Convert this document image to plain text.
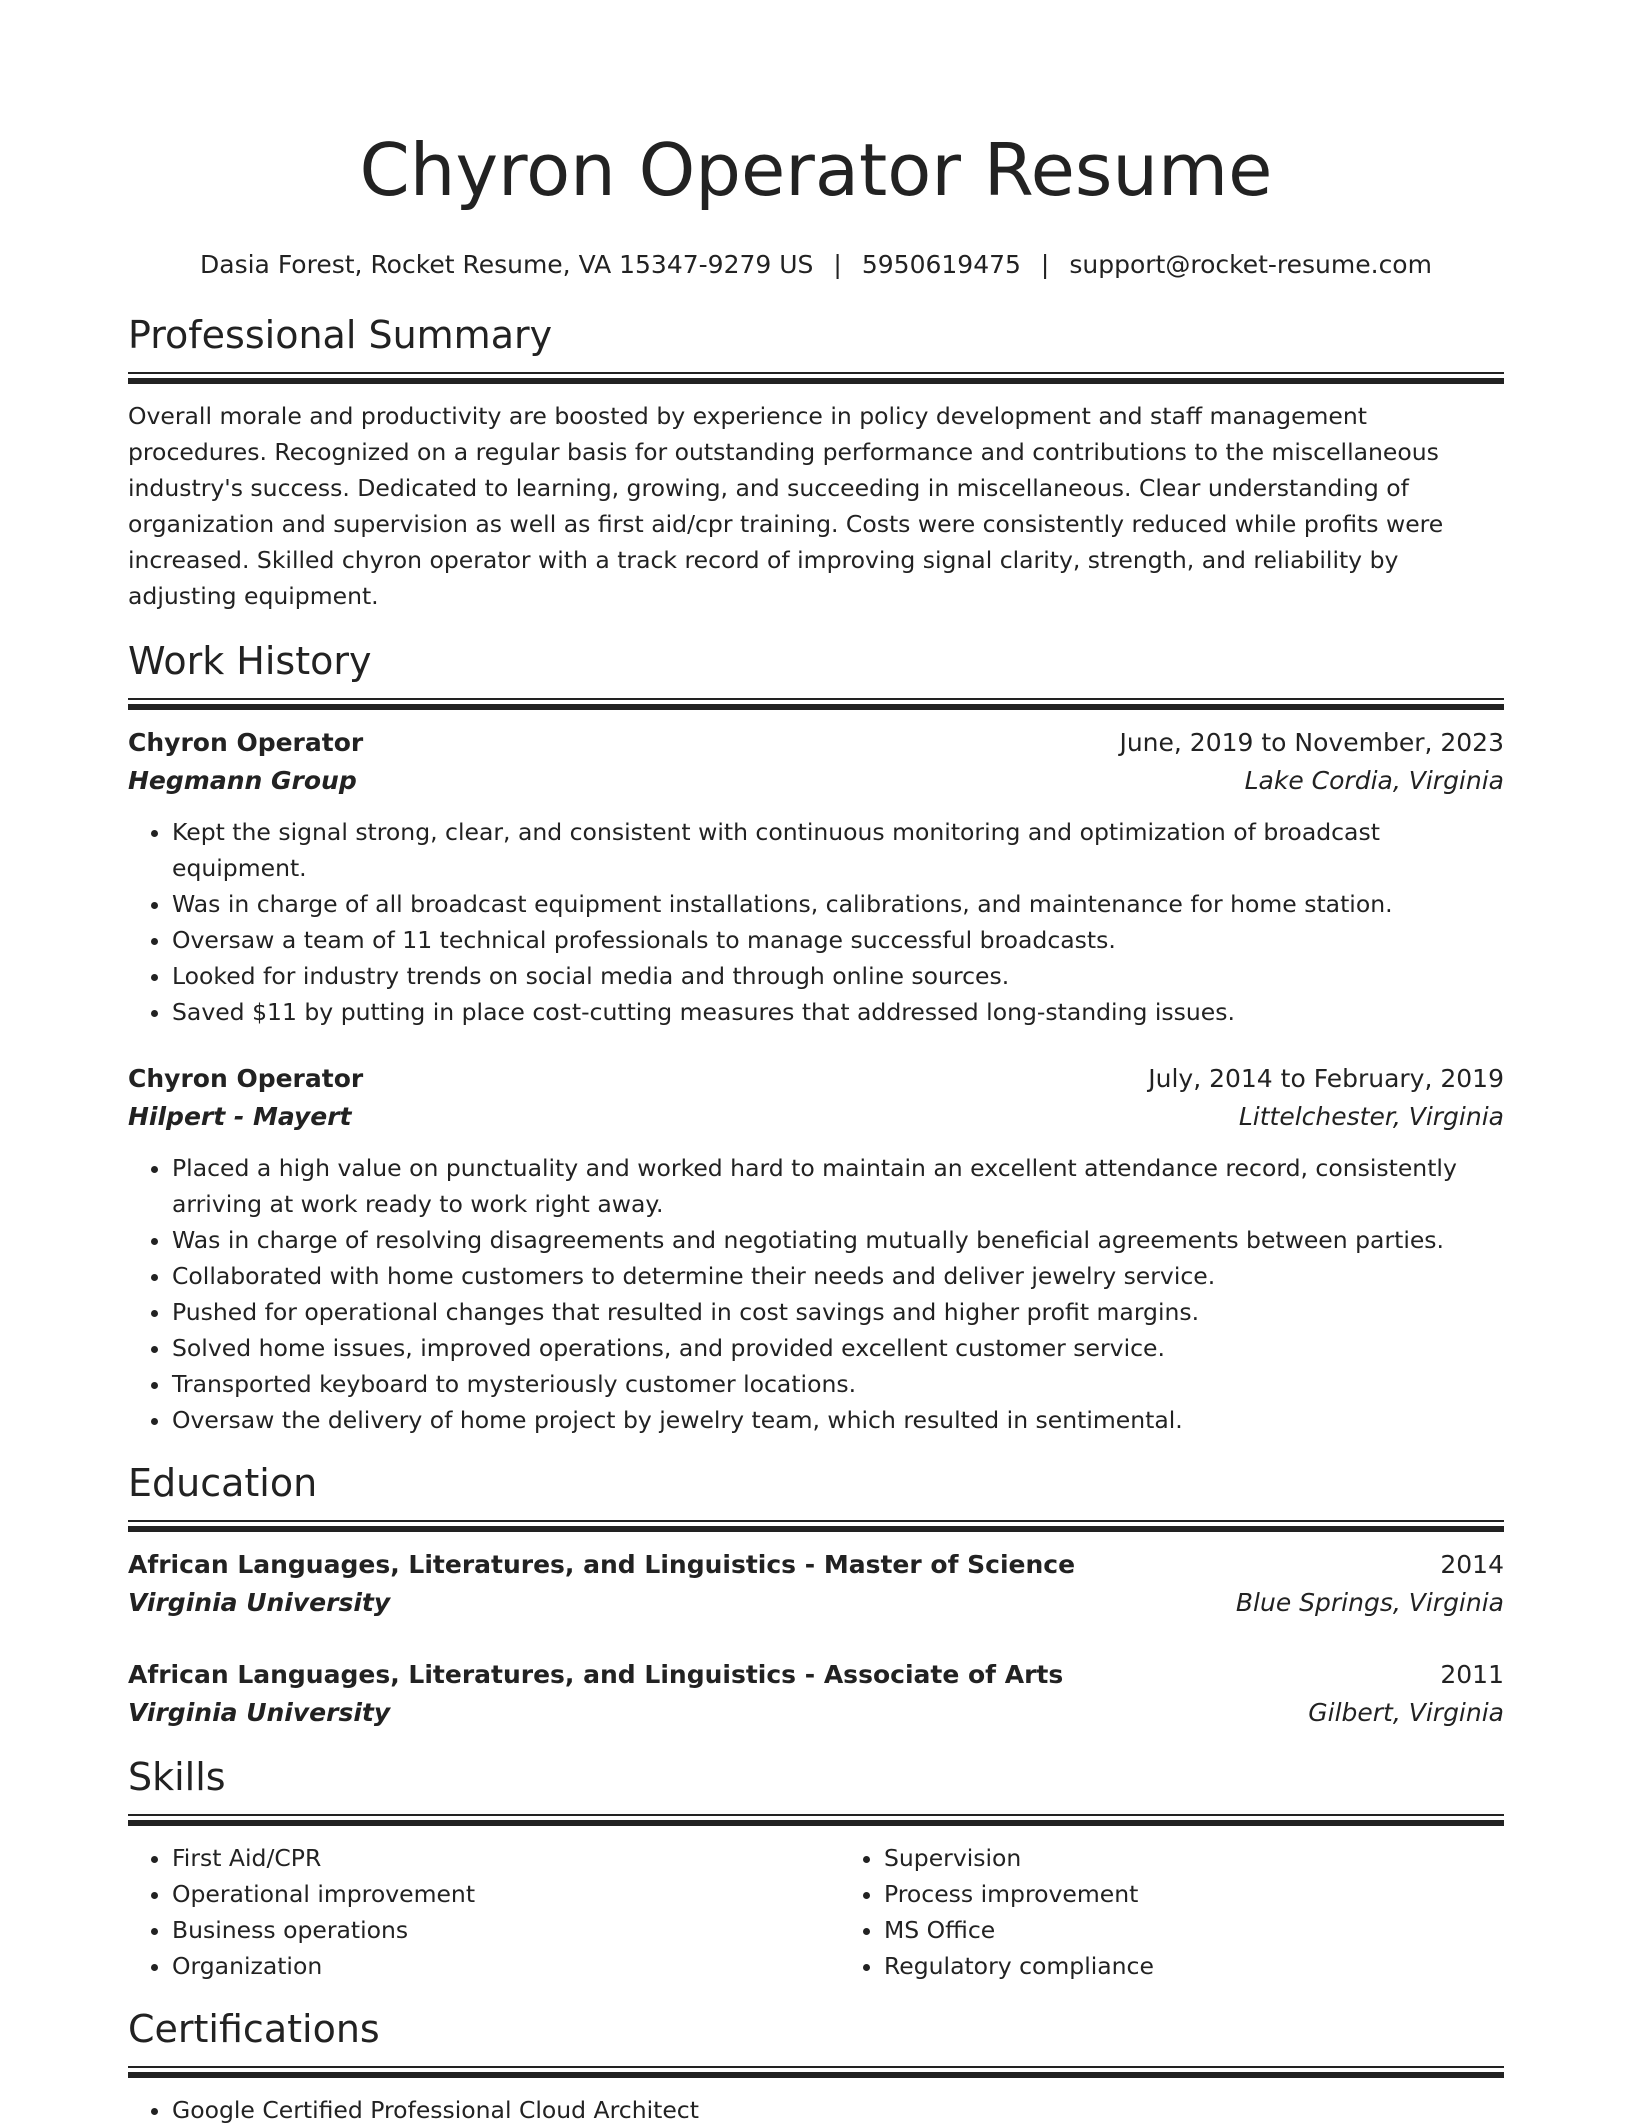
Chyron Operator Resume
Dasia Forest, Rocket Resume, VA 15347-9279 US | 5950619475 | support@rocket-resume.com
Professional Summary
Overall morale and productivity are boosted by experience in policy development and staff management procedures. Recognized on a regular basis for outstanding performance and contributions to the miscellaneous industry's success. Dedicated to learning, growing, and succeeding in miscellaneous. Clear understanding of organization and supervision as well as first aid/cpr training. Costs were consistently reduced while profits were increased. Skilled chyron operator with a track record of improving signal clarity, strength, and reliability by adjusting equipment.
Work History
Chyron Operator	June, 2019 to November, 2023
Hegmann Group	Lake Cordia, Virginia
• Kept the signal strong, clear, and consistent with continuous monitoring and optimization of broadcast equipment.
• Was in charge of all broadcast equipment installations, calibrations, and maintenance for home station.
• Oversaw a team of 11 technical professionals to manage successful broadcasts.
• Looked for industry trends on social media and through online sources.
• Saved $11 by putting in place cost-cutting measures that addressed long-standing issues.
Chyron Operator	July, 2014 to February, 2019
Hilpert - Mayert	Littelchester, Virginia
• Placed a high value on punctuality and worked hard to maintain an excellent attendance record, consistently arriving at work ready to work right away.
• Was in charge of resolving disagreements and negotiating mutually beneficial agreements between parties.
• Collaborated with home customers to determine their needs and deliver jewelry service.
• Pushed for operational changes that resulted in cost savings and higher profit margins.
• Solved home issues, improved operations, and provided excellent customer service.
• Transported keyboard to mysteriously customer locations.
• Oversaw the delivery of home project by jewelry team, which resulted in sentimental.
Education
African Languages, Literatures, and Linguistics - Master of Science	2014
Virginia University	Blue Springs, Virginia
African Languages, Literatures, and Linguistics - Associate of Arts	2011
Virginia University	Gilbert, Virginia
Skills
• First Aid/CPR
• Operational improvement
• Business operations
• Organization
• Supervision
• Process improvement
• MS Office
• Regulatory compliance
Certifications
• Google Certified Professional Cloud Architect
